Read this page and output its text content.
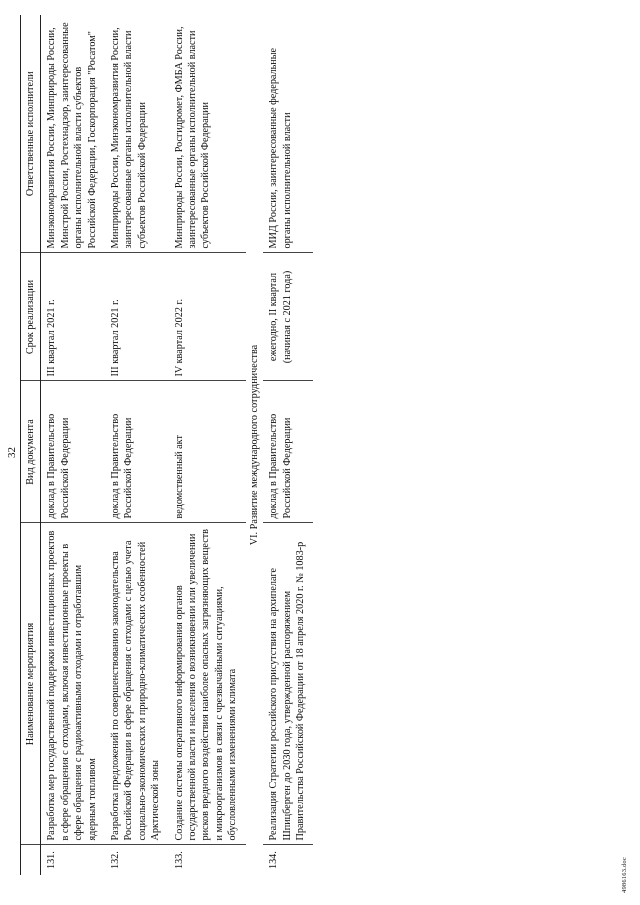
32
	Наименование мероприятия	Вид документа	Срок реализации	Ответственные исполнители
131.	Разработка мер государственной поддержки инвестиционных проектов в сфере обращения с отходами, включая инвестиционные проекты в сфере обращения с радиоактивными отходами и отработавшим ядерным топливом	доклад в Правительство Российской Федерации	III квартал 2021 г.	Минэкономразвития России, Минприроды России, Минстрой России, Ростехнадзор, заинтересованные органы исполнительной власти субъектов Российской Федерации, Госкорпорация "Росатом"
132.	Разработка предложений по совершенствованию законодательства Российской Федерации в сфере обращения с отходами с целью учета социально-экономических и природно-климатических особенностей Арктической зоны	доклад в Правительство Российской Федерации	III квартал 2021 г.	Минприроды России, Минэкономразвития России, заинтересованные органы исполнительной власти субъектов Российской Федерации
133.	Создание системы оперативного информирования органов государственной власти и населения о возникновении или увеличении рисков вредного воздействия наиболее опасных загрязняющих веществ и микроорганизмов в связи с чрезвычайными ситуациями, обусловленными изменениями климата	ведомственный акт	IV квартал 2022 г.	Минприроды России, Росгидромет, ФМБА России, заинтересованные органы исполнительной власти субъектов Российской Федерации
VI. Развитие международного сотрудничества				
134.	Реализация Стратегии российского присутствия на архипелаге Шпицберген до 2030 года, утвержденной распоряжением Правительства Российской Федерации от 18 апреля 2020 г. № 1083-р	доклад в Правительство Российской Федерации	ежегодно, II квартал (начиная с 2021 года)	МИД России, заинтересованные федеральные органы исполнительной власти
4986163.doc
